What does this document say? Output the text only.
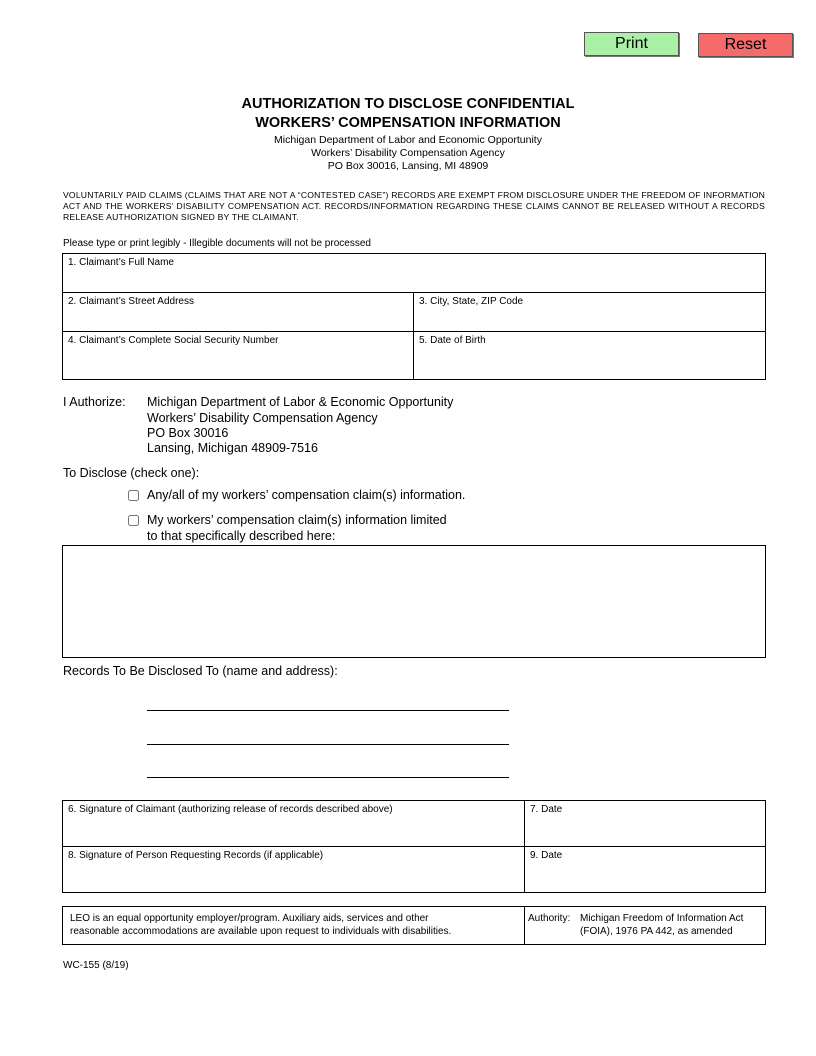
Print	Reset
AUTHORIZATION TO DISCLOSE CONFIDENTIAL
WORKERS’ COMPENSATION INFORMATION
Michigan Department of Labor and Economic Opportunity
Workers’ Disability Compensation Agency
PO Box 30016, Lansing, MI 48909
VOLUNTARILY PAID CLAIMS (CLAIMS THAT ARE NOT A “CONTESTED CASE”) RECORDS ARE EXEMPT FROM DISCLOSURE UNDER THE FREEDOM OF INFORMATION ACT AND THE WORKERS’ DISABILITY COMPENSATION ACT. RECORDS/INFORMATION REGARDING THESE CLAIMS CANNOT BE RELEASED WITHOUT A RECORDS RELEASE AUTHORIZATION SIGNED BY THE CLAIMANT.
Please type or print legibly - Illegible documents will not be processed
1. Claimant’s Full Name
2. Claimant’s Street Address	3. City, State, ZIP Code
4. Claimant’s Complete Social Security Number	5. Date of Birth
I Authorize: Michigan Department of Labor & Economic Opportunity
Workers’ Disability Compensation Agency
PO Box 30016
Lansing, Michigan 48909-7516
To Disclose (check one):
Any/all of my workers’ compensation claim(s) information.
My workers’ compensation claim(s) information limited
to that specifically described here:
Records To Be Disclosed To (name and address):
6. Signature of Claimant (authorizing release of records described above)	7. Date
8. Signature of Person Requesting Records (if applicable)	9. Date
LEO is an equal opportunity employer/program. Auxiliary aids, services and other
reasonable accommodations are available upon request to individuals with disabilities.
Authority: Michigan Freedom of Information Act
(FOIA), 1976 PA 442, as amended
WC-155 (8/19)
